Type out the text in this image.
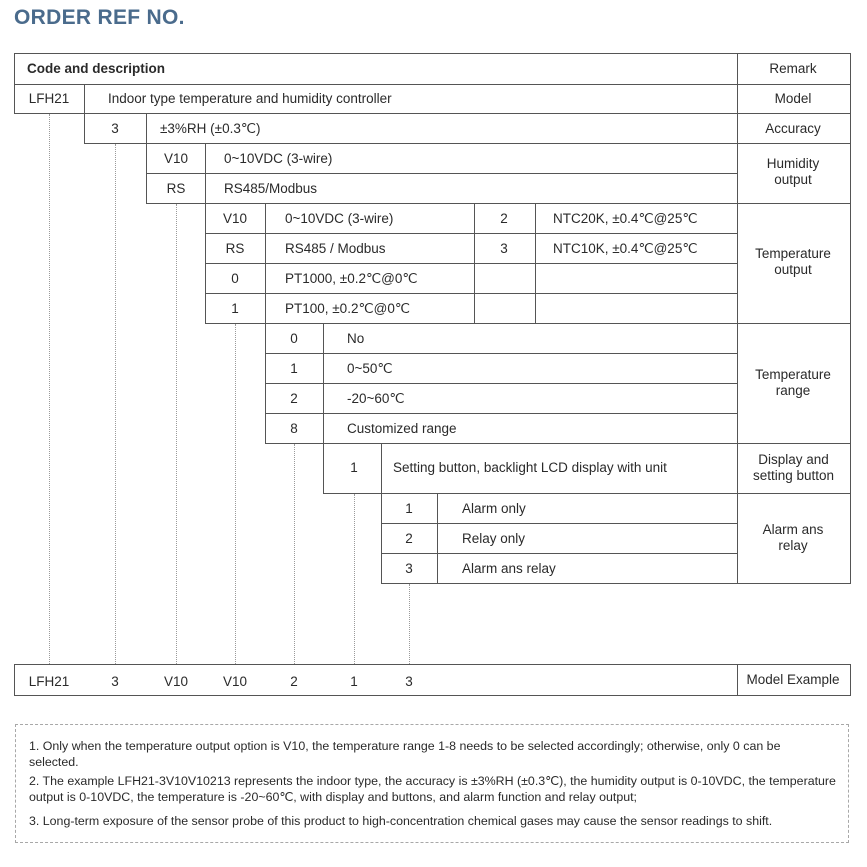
ORDER REF NO.
Code and description	Remark
LFH21	Indoor type temperature and humidity controller	Model
3	±3%RH (±0.3℃)	Accuracy
V10	0~10VDC (3-wire)
RS	RS485/Modbus
Humidity output
V10	0~10VDC (3-wire)	2	NTC20K, ±0.4℃@25℃
RS	RS485 / Modbus	3	NTC10K, ±0.4℃@25℃
0	PT1000, ±0.2℃@0℃
1	PT100, ±0.2℃@0℃
Temperature output
0	No
1	0~50℃
2	-20~60℃
8	Customized range
Temperature range
1	Setting button, backlight LCD display with unit
Display and setting button
1	Alarm only
2	Relay only
3	Alarm ans relay
Alarm ans relay
LFH21	3	V10	V10	2	1	3	Model Example
1. Only when the temperature output option is V10, the temperature range 1-8 needs to be selected accordingly; otherwise, only 0 can be selected.
2. The example LFH21-3V10V10213 represents the indoor type, the accuracy is ±3%RH (±0.3℃), the humidity output is 0-10VDC, the temperature output is 0-10VDC, the temperature is -20~60℃, with display and buttons, and alarm function and relay output;
3. Long-term exposure of the sensor probe of this product to high-concentration chemical gases may cause the sensor readings to shift.
